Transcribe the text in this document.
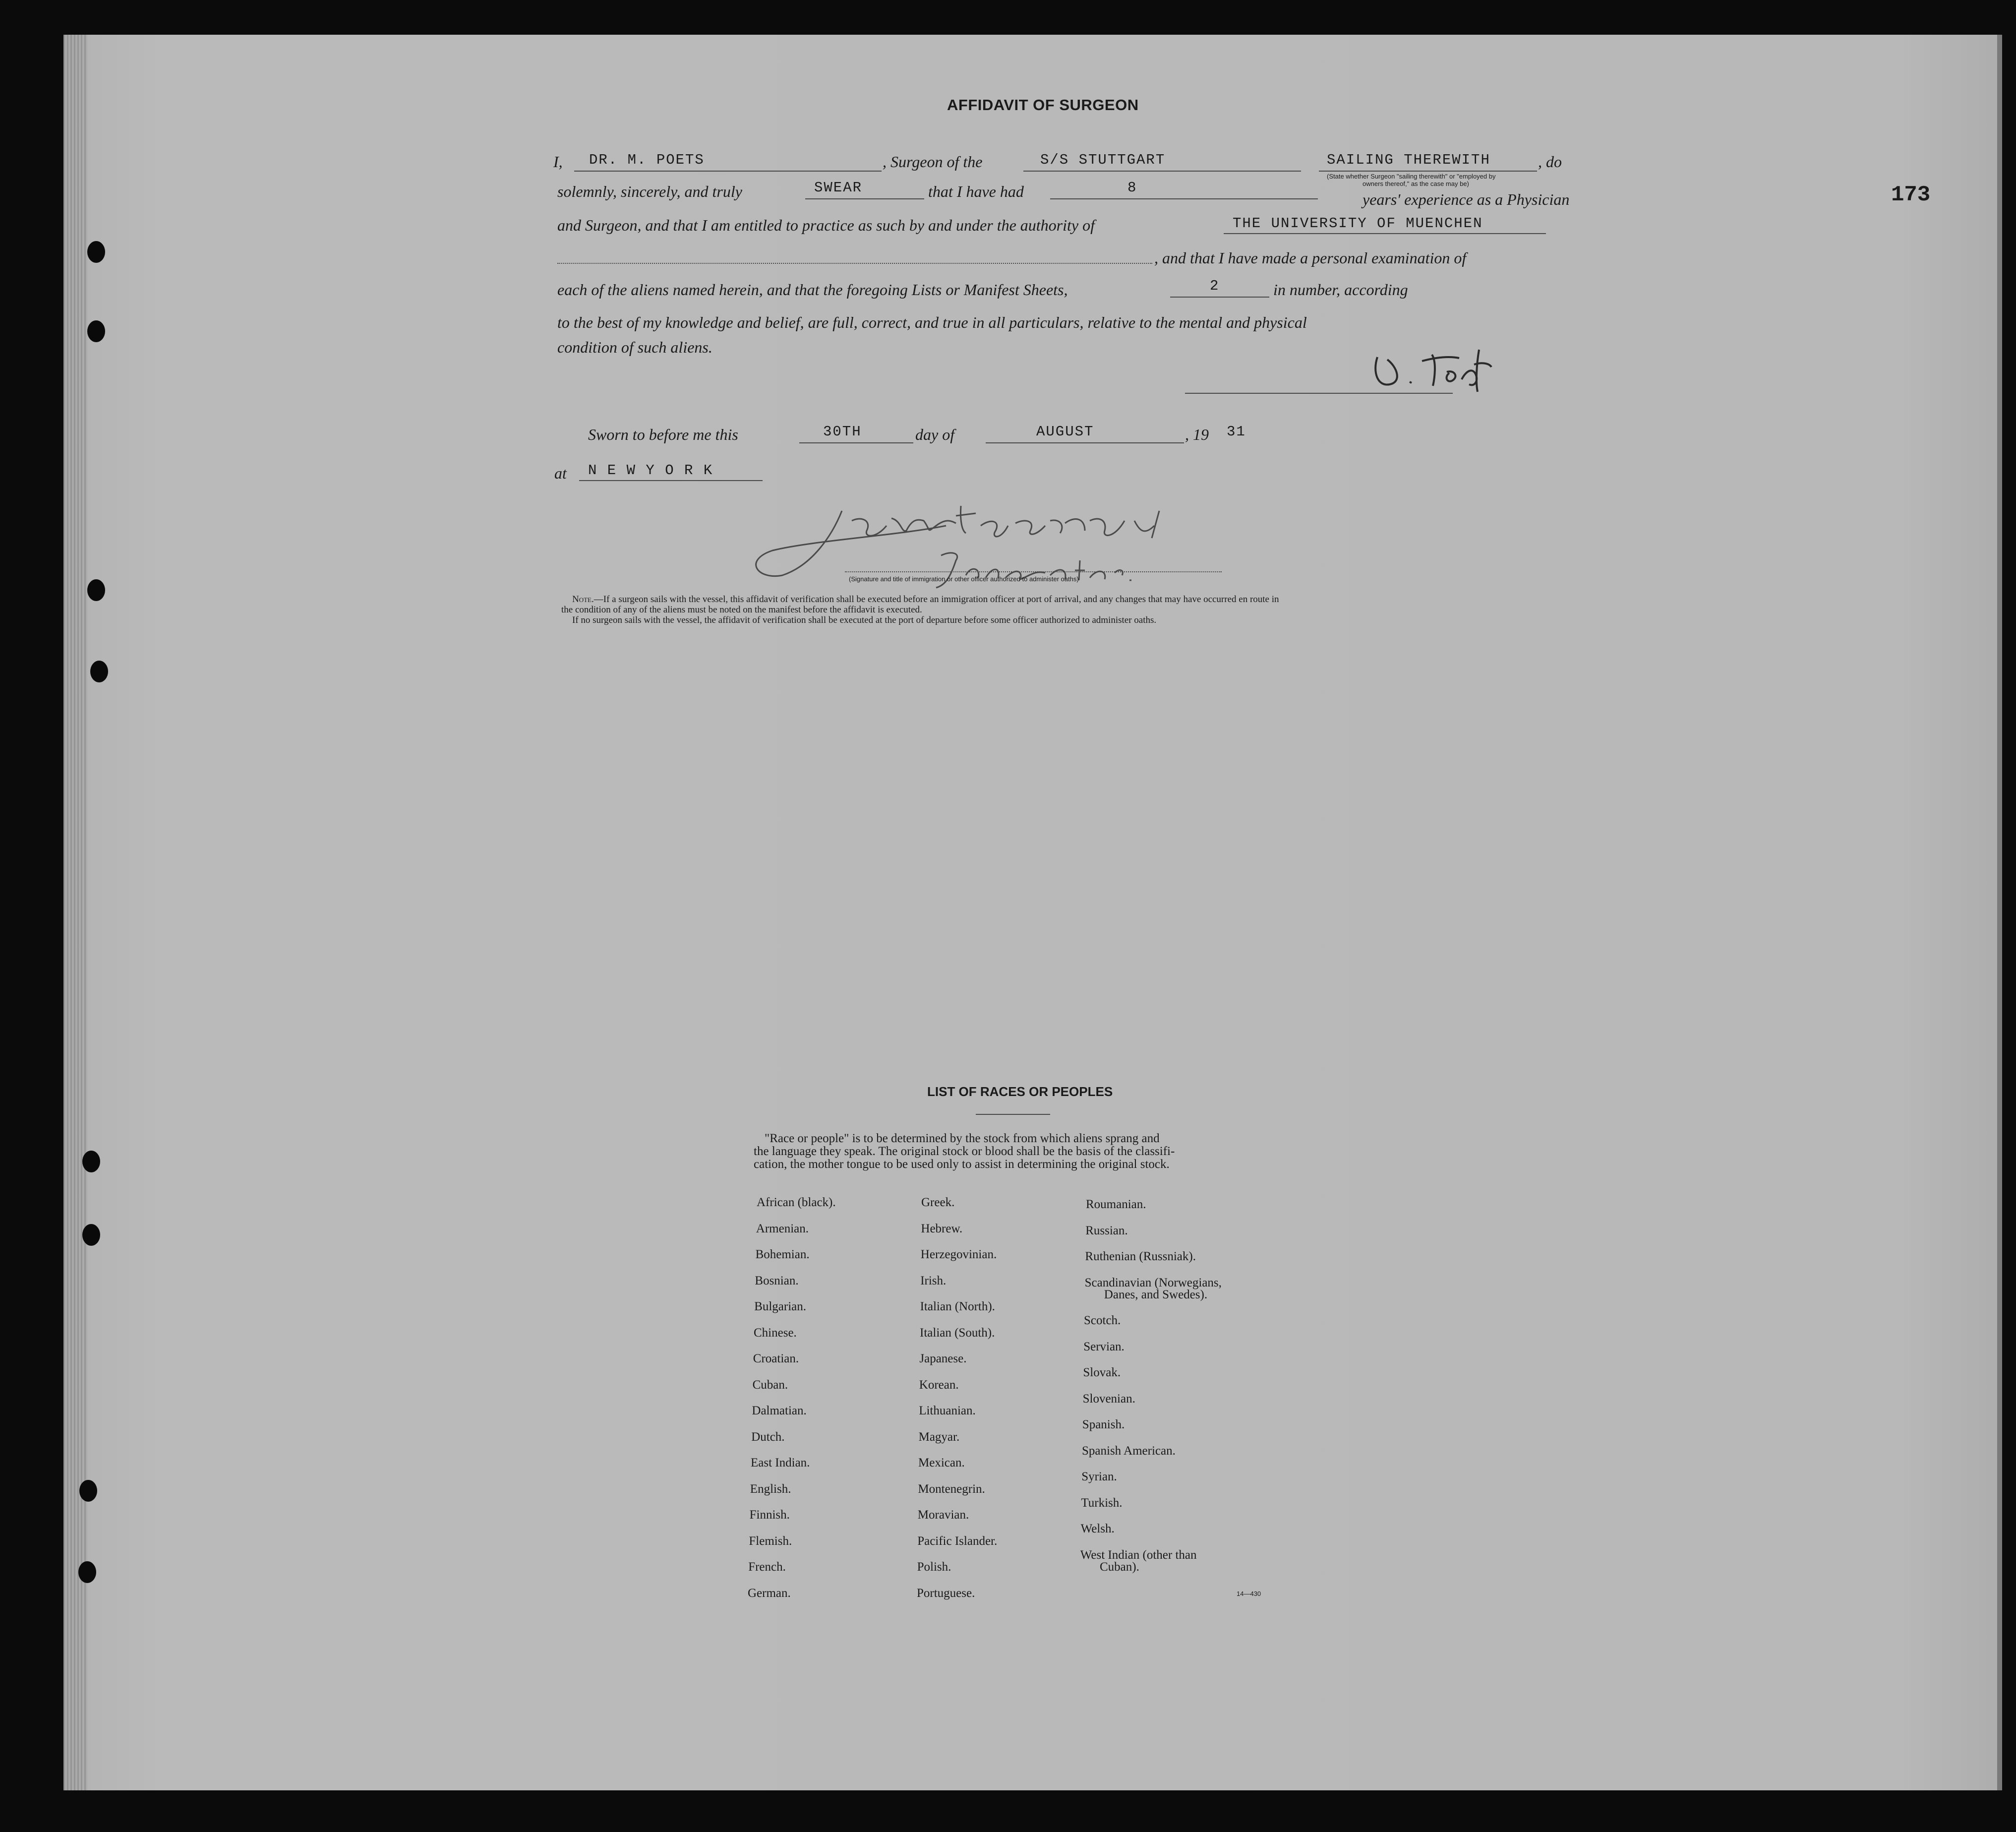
173
AFFIDAVIT OF SURGEON
I, DR. M. POETS	, Surgeon of the	S/S STUTTGART	SAILING THEREWITH	, do
(State whether Surgeon "sailing therewith" or "employed by
owners thereof," as the case may be)
solemnly, sincerely, and truly	SWEAR	that I have had	8
years' experience as a Physician
and Surgeon, and that I am entitled to practice as such by and under the authority of	THE UNIVERSITY OF MUENCHEN
, and that I have made a personal examination of
each of the aliens named herein, and that the foregoing Lists or Manifest Sheets,	2	in number, according
to the best of my knowledge and belief, are full, correct, and true in all particulars, relative to the mental and physical
condition of such aliens.
Sworn to before me this	30TH	day of	AUGUST	, 19 31
at N E W Y O R K
(Signature and title of immigration or other officer authorized to administer oaths)
Note.—If a surgeon sails with the vessel, this affidavit of verification shall be executed before an immigration officer at port of arrival, and any changes that may have occurred en route in
the condition of any of the aliens must be noted on the manifest before the affidavit is executed.
If no surgeon sails with the vessel, the affidavit of verification shall be executed at the port of departure before some officer authorized to administer oaths.
LIST OF RACES OR PEOPLES
"Race or people" is to be determined by the stock from which aliens sprang and
the language they speak. The original stock or blood shall be the basis of the classifi-
cation, the mother tongue to be used only to assist in determining the original stock.
African (black).
Armenian.
Bohemian.
Bosnian.
Bulgarian.
Chinese.
Croatian.
Cuban.
Dalmatian.
Dutch.
East Indian.
English.
Finnish.
Flemish.
French.
German.
Greek.
Hebrew.
Herzegovinian.
Irish.
Italian (North).
Italian (South).
Japanese.
Korean.
Lithuanian.
Magyar.
Mexican.
Montenegrin.
Moravian.
Pacific Islander.
Polish.
Portuguese.
Roumanian.
Russian.
Ruthenian (Russniak).
Scandinavian (Norwegians,
Danes, and Swedes).
Scotch.
Servian.
Slovak.
Slovenian.
Spanish.
Spanish American.
Syrian.
Turkish.
Welsh.
West Indian (other than
Cuban).
14—430
